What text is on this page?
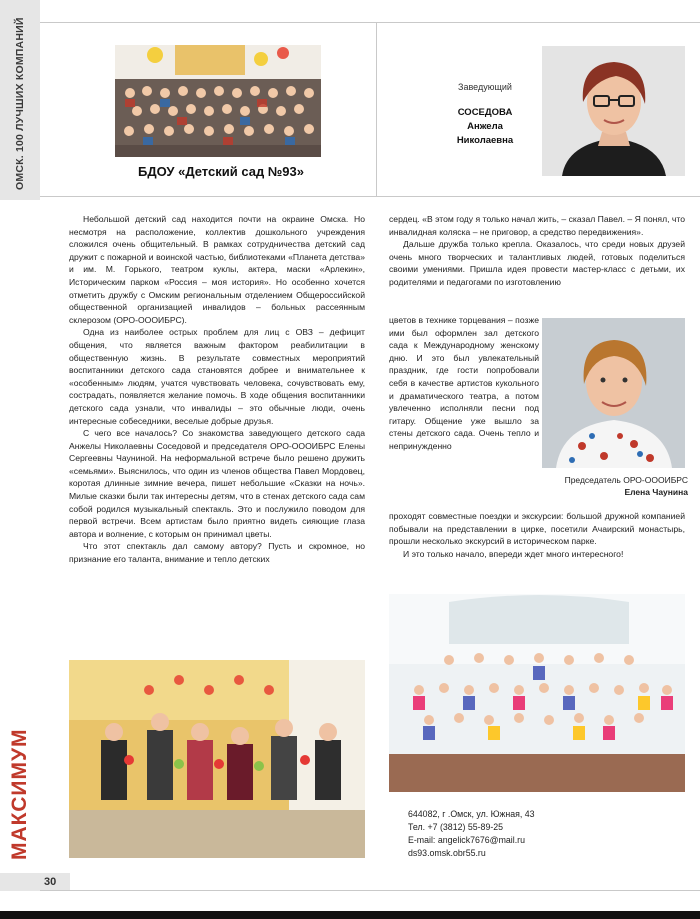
ОМСК. 100 ЛУЧШИХ КОМПАНИЙ
МАКСИМУМ
30
БДОУ «Детский сад №93»
Заведующий
СОСЕДОВА
Анжела
Николаевна

Небольшой детский сад находится почти на окраине Омска. Но несмотря на расположение, коллектив дошкольного учреждения сложился очень общительный. В рамках сотрудничества детский сад дружит с пожарной и воинской частью, библиотеками «Планета детства» и им. М. Горького, театром куклы, актера, маски «Арлекин», Историческим парком «Россия – моя история». Но особенно хочется отметить дружбу с Омским региональным отделением Общероссийской общественной организацией инвалидов – больных рассеянным склерозом (ОРО-ОООИБРС).

Одна из наиболее острых проблем для лиц с ОВЗ – дефицит общения, что является важным фактором реабилитации в общественную жизнь. В результате совместных мероприятий воспитанники детского сада становятся добрее и внимательнее к «особенным» людям, учатся чувствовать человека, сочувствовать ему, сострадать, появляется желание помочь. В ходе общения воспитанники детского сада узнали, что инвалиды – это обычные люди, очень интересные собеседники, веселые добрые друзья.

С чего все началось? Со знакомства заведующего детского сада Анжелы Николаевны Соседовой и председателя ОРО-ОООИБРС Елены Сергеевны Чауниной. На неформальной встрече было решено дружить «семьями». Выяснилось, что один из членов общества Павел Мордовец, коротая длинные зимние вечера, пишет небольшие «Сказки на ночь». Милые сказки были так интересны детям, что в стенах детского сада сам собой родился музыкальный спектакль. Это и послужило поводом для первой встречи. Всем артистам было приятно видеть сияющие глаза автора и волнение, с которым он принимал цветы.

Что этот спектакль дал самому автору? Пусть и скромное, но признание его таланта, внимание и тепло детских

сердец. «В этом году я только начал жить, – сказал Павел. – Я понял, что инвалидная коляска – не приговор, а средство передвижения».

Дальше дружба только крепла. Оказалось, что среди новых друзей очень много творческих и талантливых людей, готовых поделиться своими умениями. Пришла идея провести мастер-класс с детьми, их родителями и педагогами по изготовлению

цветов в технике торцевания – позже ими был оформлен зал детского сада к Международному женскому дню. И это был увлекательный праздник, где гости попробовали себя в качестве артистов кукольного и драматического театра, а потом увлеченно исполняли песни под гитару. Общение уже вышло за стены детского сада. Очень тепло и непринужденно

Председатель ОРО-ОООИБРС
Елена Чаунина

проходят совместные поездки и экскурсии: большой дружной компанией побывали на представлении в цирке, посетили Ачаирский монастырь, прошли несколько экскурсий в историческом парке.

И это только начало, впереди ждет много интересного!

644082, г .Омск, ул. Южная, 43
Тел. +7 (3812) 55-89-25
E-mail: angelick7676@mail.ru
ds93.omsk.obr55.ru
